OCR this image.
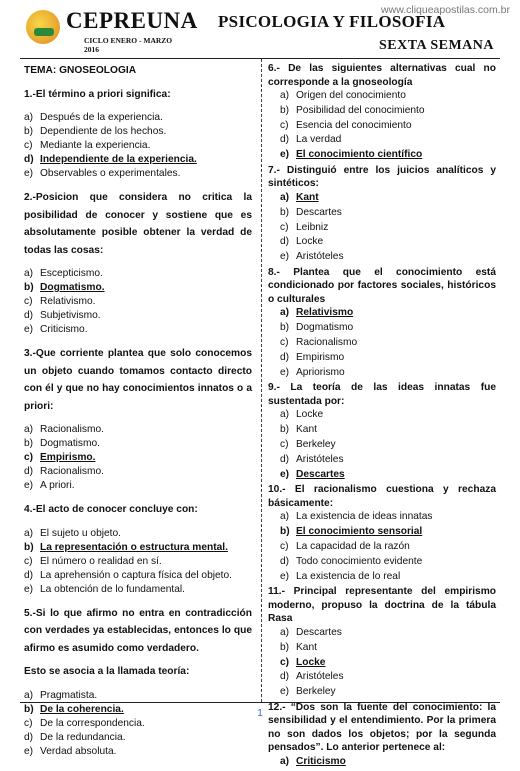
www.cliqueapostilas.com.br
CEPREUNA
CICLO ENERO - MARZO 2016
PSICOLOGIA Y FILOSOFIA
SEXTA SEMANA
1
TEMA: GNOSEOLOGIA

1.-El término a priori significa:

a) Después de la experiencia.
b) Dependiente de los hechos.
c) Mediante la experiencia.
d) Independiente de la experiencia.
e) Observables o experimentales.

2.-Posicion que considera no critica la posibilidad de conocer y sostiene que es absolutamente posible obtener la verdad de todas las cosas:

a) Escepticismo.
b) Dogmatismo.
c) Relativismo.
d) Subjetivismo.
e) Criticismo.

3.-Que corriente plantea que solo conocemos un objeto cuando tomamos contacto directo con él y que no hay conocimientos innatos o a priori:

a) Racionalismo.
b) Dogmatismo.
c) Empirismo.
d) Racionalismo.
e) A priori.

4.-El acto de conocer concluye con:

a) El sujeto u objeto.
b) La representación o estructura mental.
c) El número o realidad en sí.
d) La aprehensión o captura física del objeto.
e) La obtención de lo fundamental.

5.-Si lo que afirmo no entra en contradicción con verdades ya establecidas, entonces lo que afirmo es asumido como verdadero.

Esto se asocia a la llamada teoría:

a) Pragmatista.
b) De la coherencia.
c) De la correspondencia.
d) De la redundancia.
e) Verdad absoluta.

6.- De las siguientes alternativas cual no corresponde a la gnoseología

a) Origen del conocimiento
b) Posibilidad del conocimiento
c) Esencia del conocimiento
d) La verdad
e) El conocimiento científico

7.- Distinguió entre los juicios analíticos y sintéticos:

a) Kant
b) Descartes
c) Leibniz
d) Locke
e) Aristóteles

8.- Plantea que el conocimiento está condicionado por factores sociales, históricos o culturales

a) Relativismo
b) Dogmatismo
c) Racionalismo
d) Empirismo
e) Apriorismo

9.- La teoría de las ideas innatas fue sustentada por:

a) Locke
b) Kant
c) Berkeley
d) Aristóteles
e) Descartes

10.- El racionalismo cuestiona y rechaza básicamente:

a) La existencia de ideas innatas
b) El conocimiento sensorial
c) La capacidad de la razón
d) Todo conocimiento evidente
e) La existencia de lo real

11.- Principal representante del empirismo moderno, propuso la doctrina de la tábula Rasa

a) Descartes
b) Kant
c) Locke
d) Aristóteles
e) Berkeley

12.- “Dos son la fuente del conocimiento: la sensibilidad y el entendimiento. Por la primera no son dados los objetos; por la segunda pensados”. Lo anterior pertenece al:

a) Criticismo
